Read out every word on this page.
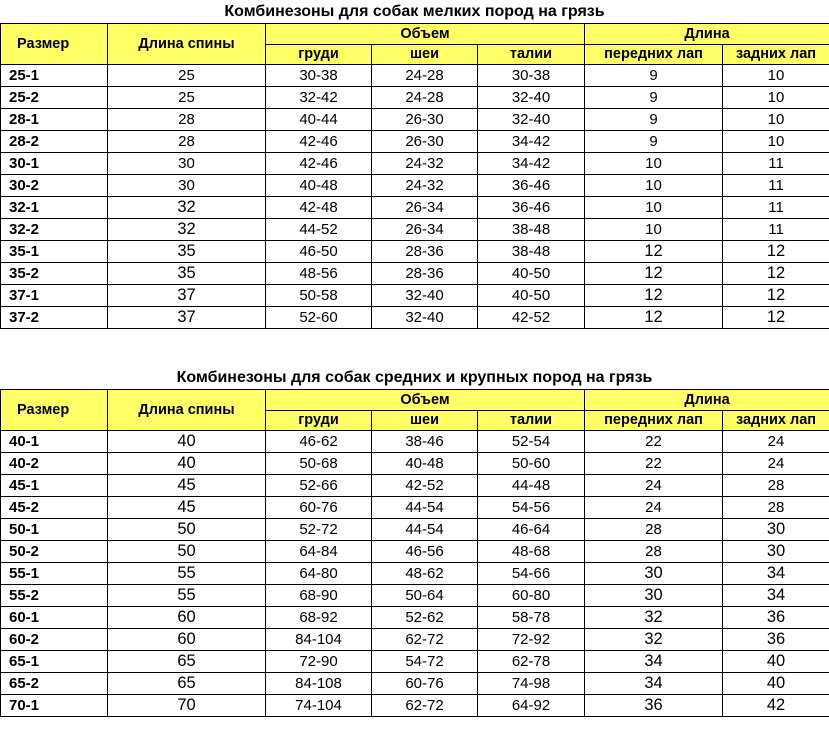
Комбинезоны для собак мелких пород на грязь
Размер	Длина спины	Объем			Длина	
		груди	шеи	талии	передних лап	задних лап
25-1	25	30-38	24-28	30-38	9	10
25-2	25	32-42	24-28	32-40	9	10
28-1	28	40-44	26-30	32-40	9	10
28-2	28	42-46	26-30	34-42	9	10
30-1	30	42-46	24-32	34-42	10	11
30-2	30	40-48	24-32	36-46	10	11
32-1	32	42-48	26-34	36-46	10	11
32-2	32	44-52	26-34	38-48	10	11
35-1	35	46-50	28-36	38-48	12	12
35-2	35	48-56	28-36	40-50	12	12
37-1	37	50-58	32-40	40-50	12	12
37-2	37	52-60	32-40	42-52	12	12
Комбинезоны для собак средних и крупных пород на грязь
Размер	Длина спины	Объем			Длина	
		груди	шеи	талии	передних лап	задних лап
40-1	40	46-62	38-46	52-54	22	24
40-2	40	50-68	40-48	50-60	22	24
45-1	45	52-66	42-52	44-48	24	28
45-2	45	60-76	44-54	54-56	24	28
50-1	50	52-72	44-54	46-64	28	30
50-2	50	64-84	46-56	48-68	28	30
55-1	55	64-80	48-62	54-66	30	34
55-2	55	68-90	50-64	60-80	30	34
60-1	60	68-92	52-62	58-78	32	36
60-2	60	84-104	62-72	72-92	32	36
65-1	65	72-90	54-72	62-78	34	40
65-2	65	84-108	60-76	74-98	34	40
70-1	70	74-104	62-72	64-92	36	42
